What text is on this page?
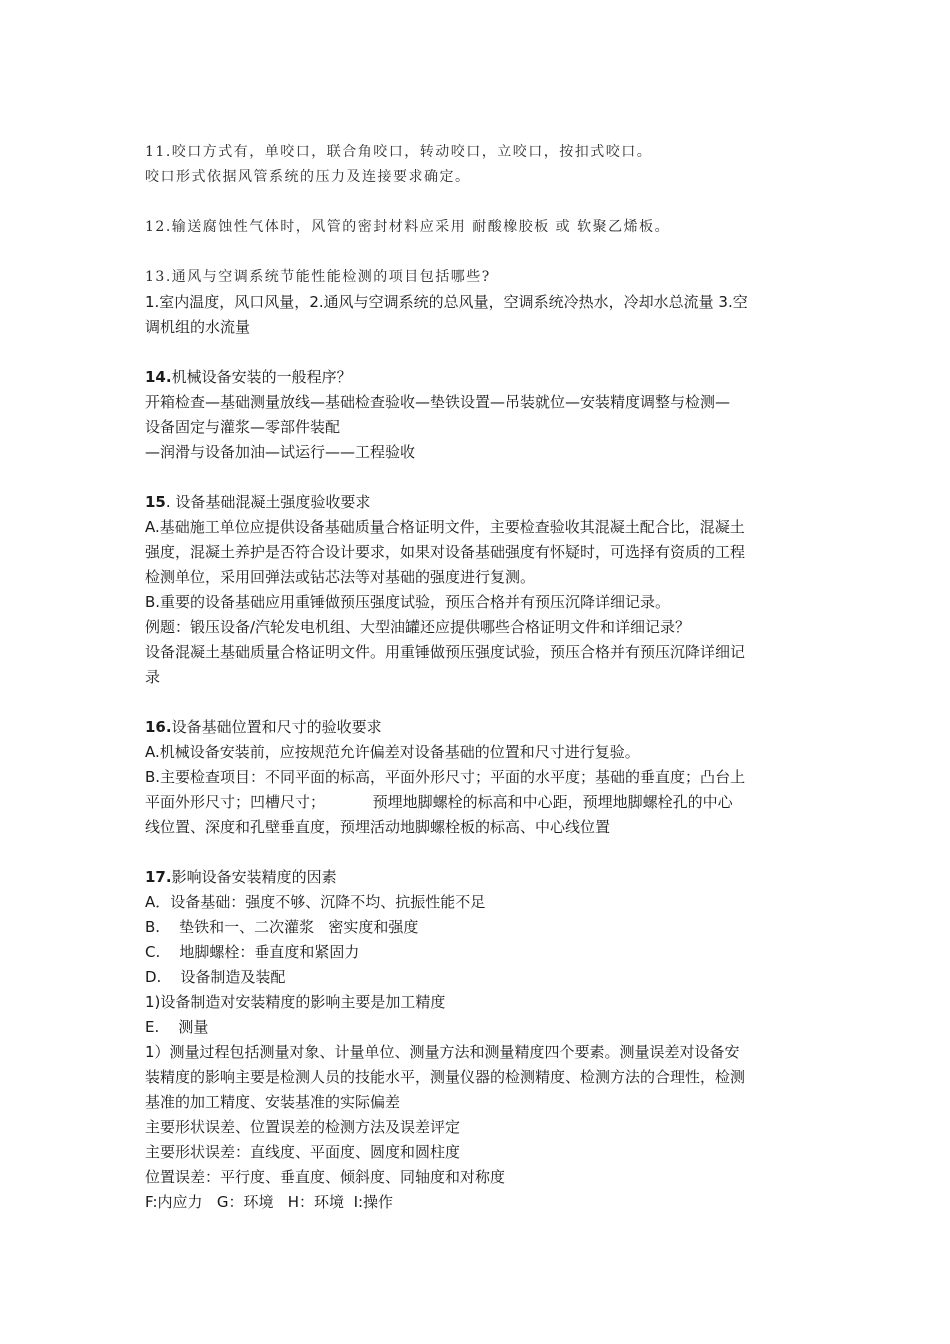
11.咬口方式有，单咬口，联合角咬口，转动咬口，立咬口，按扣式咬口。
咬口形式依据风管系统的压力及连接要求确定。
12.输送腐蚀性气体时，风管的密封材料应采用 耐酸橡胶板 或 软聚乙烯板。
13.通风与空调系统节能性能检测的项目包括哪些?
1.室内温度，风口风量，2.通风与空调系统的总风量，空调系统冷热水，冷却水总流量 3.空
调机组的水流量
14.机械设备安装的一般程序？
开箱检查—基础测量放线—基础检查验收—垫铁设置—吊装就位—安装精度调整与检测—
设备固定与灌浆—零部件装配
—润滑与设备加油—试运行——工程验收
15. 设备基础混凝土强度验收要求
A.基础施工单位应提供设备基础质量合格证明文件，主要检查验收其混凝土配合比，混凝土
强度，混凝土养护是否符合设计要求，如果对设备基础强度有怀疑时，可选择有资质的工程
检测单位，采用回弹法或钻芯法等对基础的强度进行复测。
B.重要的设备基础应用重锤做预压强度试验，预压合格并有预压沉降详细记录。
例题：锻压设备/汽轮发电机组、大型油罐还应提供哪些合格证明文件和详细记录？
设备混凝土基础质量合格证明文件。用重锤做预压强度试验，预压合格并有预压沉降详细记
录
16.设备基础位置和尺寸的验收要求
A.机械设备安装前，应按规范允许偏差对设备基础的位置和尺寸进行复验。
B.主要检查项目：不同平面的标高，平面外形尺寸；平面的水平度；基础的垂直度；凸台上
平面外形尺寸；凹槽尺寸；          预埋地脚螺栓的标高和中心距，预埋地脚螺栓孔的中心
线位置、深度和孔壁垂直度，预埋活动地脚螺栓板的标高、中心线位置
17.影响设备安装精度的因素
A．设备基础：强度不够、沉降不均、抗振性能不足
B.    垫铁和一、二次灌浆   密实度和强度
C.    地脚螺栓：垂直度和紧固力
D.    设备制造及装配
1)设备制造对安装精度的影响主要是加工精度
E.    测量
1）测量过程包括测量对象、计量单位、测量方法和测量精度四个要素。测量误差对设备安
装精度的影响主要是检测人员的技能水平，测量仪器的检测精度、检测方法的合理性，检测
基准的加工精度、安装基准的实际偏差
主要形状误差、位置误差的检测方法及误差评定
主要形状误差：直线度、平面度、圆度和圆柱度
位置误差：平行度、垂直度、倾斜度、同轴度和对称度
F:内应力   G：环境   H：环境  I:操作
